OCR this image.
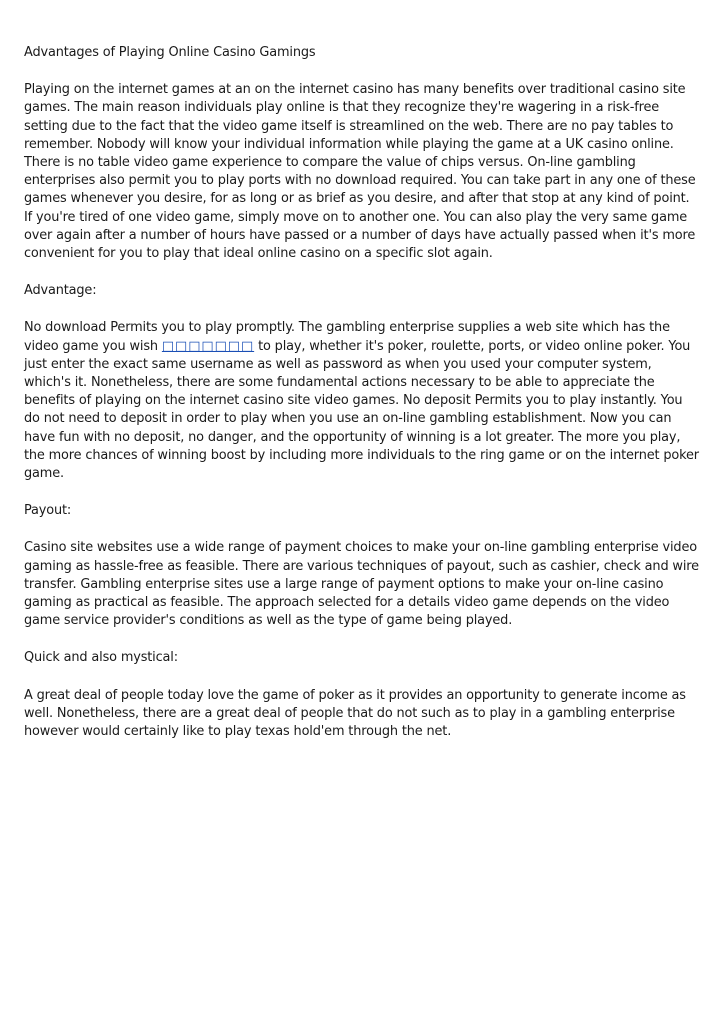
Advantages of Playing Online Casino Gamings

Playing on the internet games at an on the internet casino has many benefits over traditional casino site games. The main reason individuals play online is that they recognize they're wagering in a risk-free setting due to the fact that the video game itself is streamlined on the web. There are no pay tables to remember. Nobody will know your individual information while playing the game at a UK casino online. There is no table video game experience to compare the value of chips versus. On-line gambling enterprises also permit you to play ports with no download required. You can take part in any one of these games whenever you desire, for as long or as brief as you desire, and after that stop at any kind of point. If you're tired of one video game, simply move on to another one. You can also play the very same game over again after a number of hours have passed or a number of days have actually passed when it's more convenient for you to play that ideal online casino on a specific slot again.

Advantage:

No download Permits you to play promptly. The gambling enterprise supplies a web site which has the video game you wish □□□□□□□ to play, whether it's poker, roulette, ports, or video online poker. You just enter the exact same username as well as password as when you used your computer system, which's it. Nonetheless, there are some fundamental actions necessary to be able to appreciate the benefits of playing on the internet casino site video games. No deposit Permits you to play instantly. You do not need to deposit in order to play when you use an on-line gambling establishment. Now you can have fun with no deposit, no danger, and the opportunity of winning is a lot greater. The more you play, the more chances of winning boost by including more individuals to the ring game or on the internet poker game.

Payout:

Casino site websites use a wide range of payment choices to make your on-line gambling enterprise video gaming as hassle-free as feasible. There are various techniques of payout, such as cashier, check and wire transfer. Gambling enterprise sites use a large range of payment options to make your on-line casino gaming as practical as feasible. The approach selected for a details video game depends on the video game service provider's conditions as well as the type of game being played.

Quick and also mystical:

A great deal of people today love the game of poker as it provides an opportunity to generate income as well. Nonetheless, there are a great deal of people that do not such as to play in a gambling enterprise however would certainly like to play texas hold'em through the net.
